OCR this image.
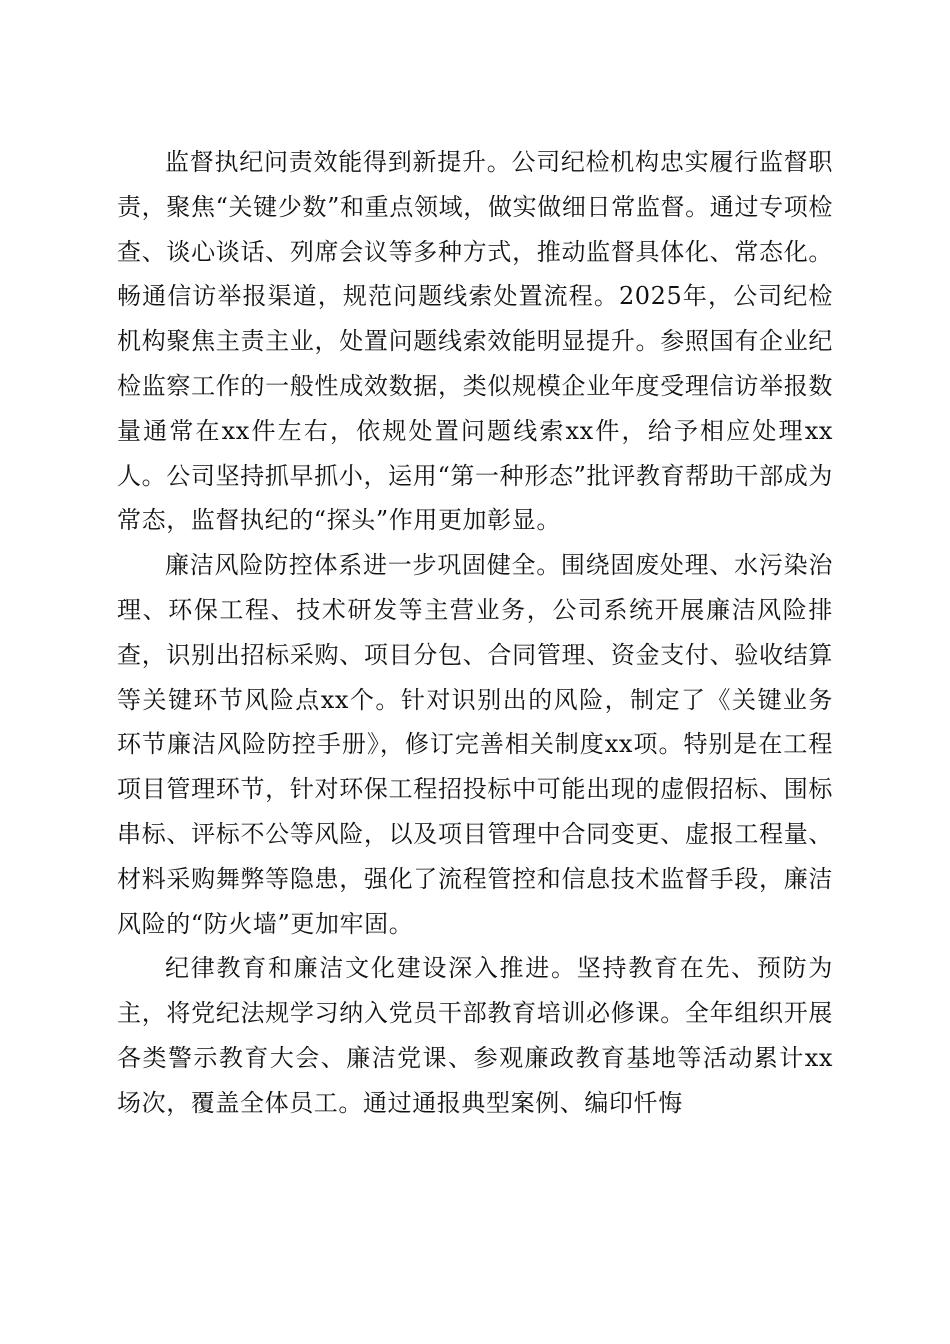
监督执纪问责效能得到新提升。公司纪检机构忠实履行监督职责，聚焦“关键少数”和重点领域，做实做细日常监督。通过专项检查、谈心谈话、列席会议等多种方式，推动监督具体化、常态化。畅通信访举报渠道，规范问题线索处置流程。2025年，公司纪检机构聚焦主责主业，处置问题线索效能明显提升。参照国有企业纪检监察工作的一般性成效数据，类似规模企业年度受理信访举报数量通常在xx件左右，依规处置问题线索xx件，给予相应处理xx人。公司坚持抓早抓小，运用“第一种形态”批评教育帮助干部成为常态，监督执纪的“探头”作用更加彰显。

廉洁风险防控体系进一步巩固健全。围绕固废处理、水污染治理、环保工程、技术研发等主营业务，公司系统开展廉洁风险排查，识别出招标采购、项目分包、合同管理、资金支付、验收结算等关键环节风险点xx个。针对识别出的风险，制定了《关键业务环节廉洁风险防控手册》，修订完善相关制度xx项。特别是在工程项目管理环节，针对环保工程招投标中可能出现的虚假招标、围标串标、评标不公等风险，以及项目管理中合同变更、虚报工程量、材料采购舞弊等隐患，强化了流程管控和信息技术监督手段，廉洁风险的“防火墙”更加牢固。

纪律教育和廉洁文化建设深入推进。坚持教育在先、预防为主，将党纪法规学习纳入党员干部教育培训必修课。全年组织开展各类警示教育大会、廉洁党课、参观廉政教育基地等活动累计xx场次，覆盖全体员工。通过通报典型案例、编印忏悔
